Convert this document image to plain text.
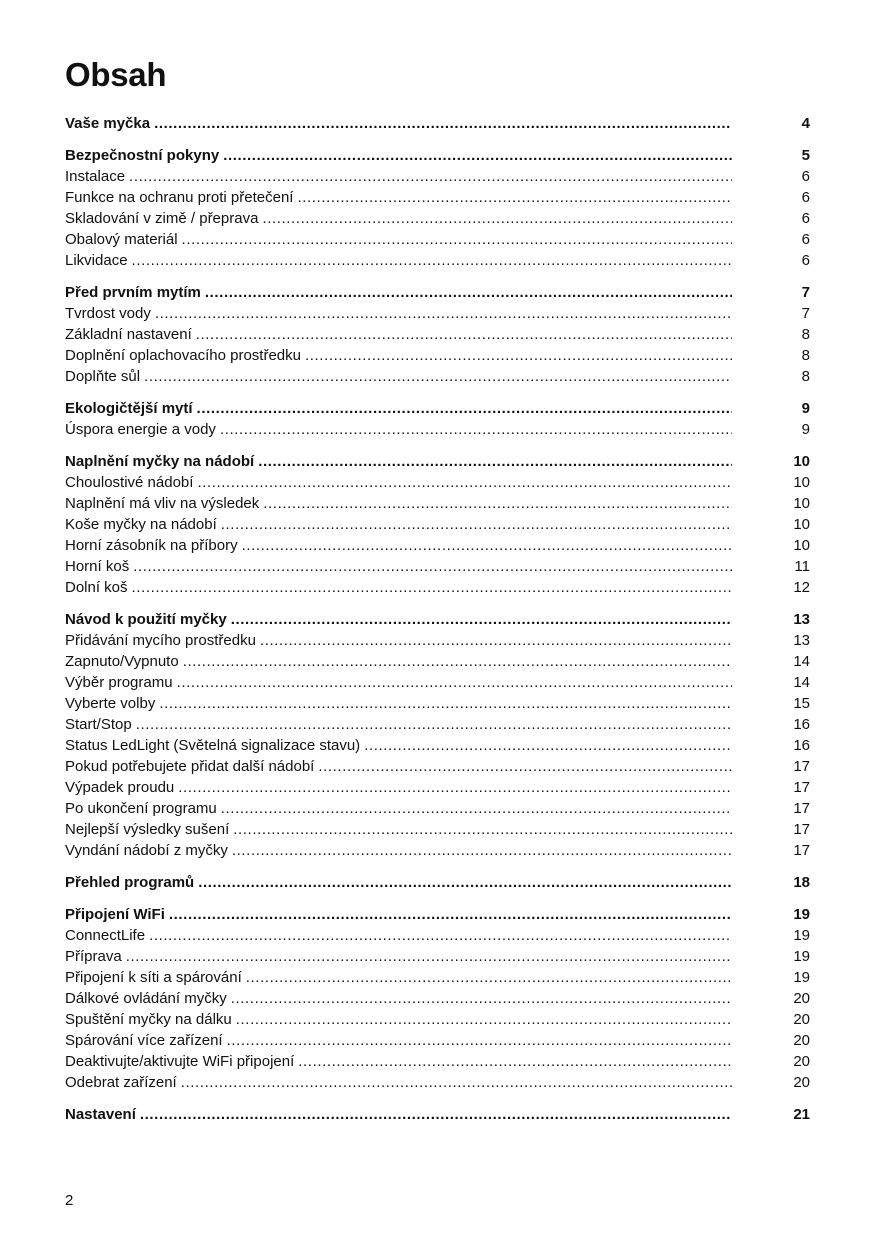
Obsah
Vaše myčka .....	4
Bezpečnostní pokyny .....	5
Instalace .....	6
Funkce na ochranu proti přetečení .....	6
Skladování v zimě / přeprava .....	6
Obalový materiál .....	6
Likvidace .....	6
Před prvním mytím .....	7
Tvrdost vody .....	7
Základní nastavení .....	8
Doplnění oplachovacího prostředku .....	8
Doplňte sůl .....	8
Ekologičtější mytí .....	9
Úspora energie a vody .....	9
Naplnění myčky na nádobí .....	10
Choulostivé nádobí .....	10
Naplnění má vliv na výsledek .....	10
Koše myčky na nádobí .....	10
Horní zásobník na příbory .....	10
Horní koš .....	11
Dolní koš .....	12
Návod k použití myčky .....	13
Přidávání mycího prostředku .....	13
Zapnuto/Vypnuto .....	14
Výběr programu .....	14
Vyberte volby .....	15
Start/Stop .....	16
Status LedLight (Světelná signalizace stavu) .....	16
Pokud potřebujete přidat další nádobí .....	17
Výpadek proudu .....	17
Po ukončení programu .....	17
Nejlepší výsledky sušení .....	17
Vyndání nádobí z myčky .....	17
Přehled programů .....	18
Připojení WiFi .....	19
ConnectLife .....	19
Příprava .....	19
Připojení k síti a spárování .....	19
Dálkové ovládání myčky .....	20
Spuštění myčky na dálku .....	20
Spárování více zařízení .....	20
Deaktivujte/aktivujte WiFi připojení .....	20
Odebrat zařízení .....	20
Nastavení .....	21
2
